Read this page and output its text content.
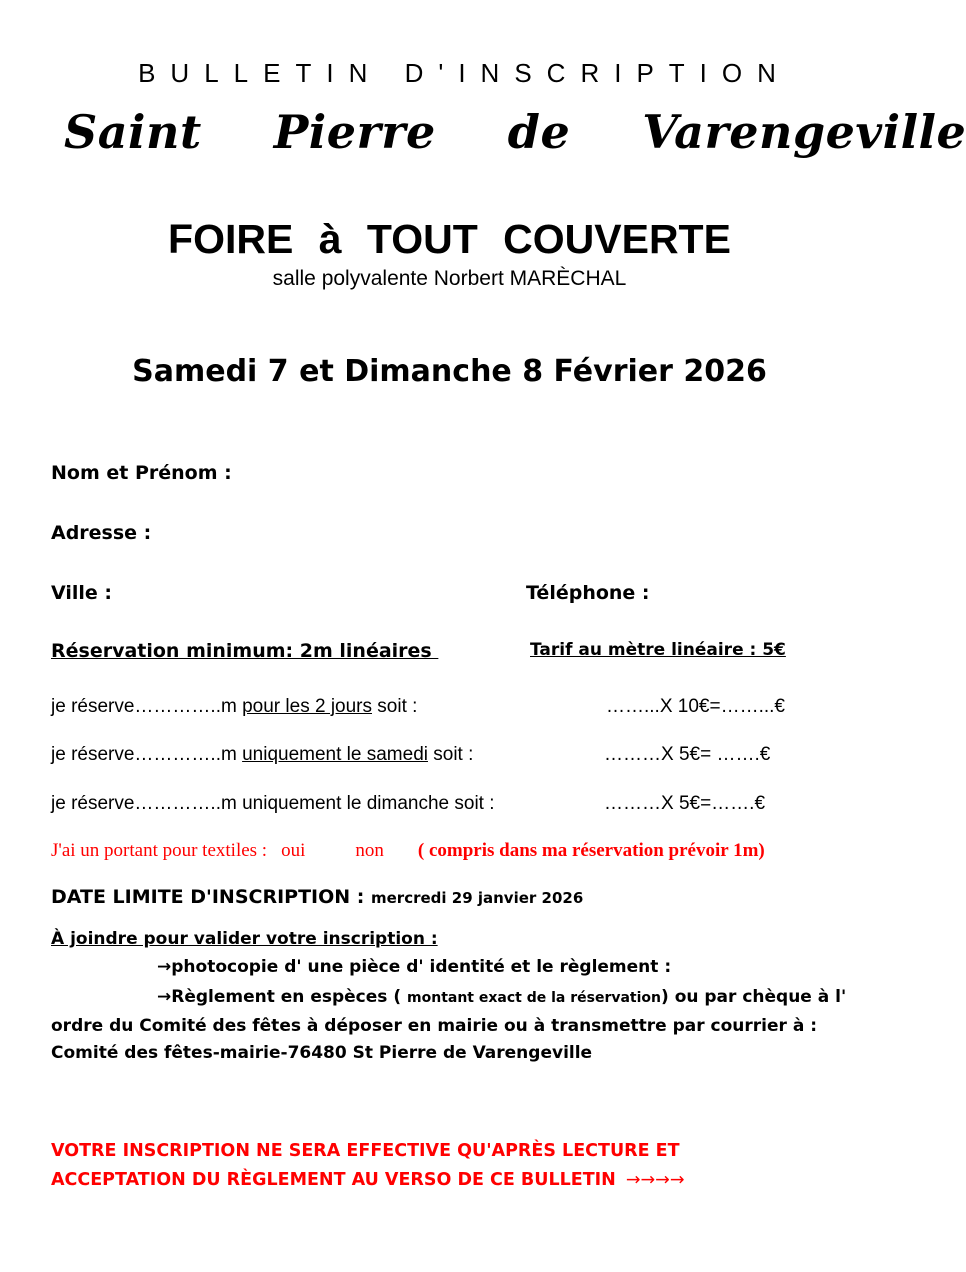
BULLETIN D'INSCRIPTION
Saint Pierre de Varengeville
FOIRE à TOUT COUVERTE
salle polyvalente Norbert MARÈCHAL
Samedi 7 et Dimanche 8 Février 2026
Nom et Prénom :
Adresse :
Ville :	Téléphone :
Réservation minimum: 2m linéaires	Tarif au mètre linéaire : 5€
je réserve…………..m pour les 2 jours soit :	……...X 10€=……...€
je réserve…………..m uniquement le samedi soit :	………X 5€= …….€
je réserve…………..m uniquement le dimanche soit :	………X 5€=…….€
J'ai un portant pour textiles : oui	non ( compris dans ma réservation prévoir 1m)
DATE LIMITE D'INSCRIPTION : mercredi 29 janvier 2026
À joindre pour valider votre inscription :
→photocopie d' une pièce d' identité et le règlement :
→Règlement en espèces ( montant exact de la réservation) ou par chèque à l' ordre du Comité des fêtes à déposer en mairie ou à transmettre par courrier à : Comité des fêtes-mairie-76480 St Pierre de Varengeville
VOTRE INSCRIPTION NE SERA EFFECTIVE QU'APRÈS LECTURE ET
ACCEPTATION DU RÈGLEMENT AU VERSO DE CE BULLETIN →→→→
